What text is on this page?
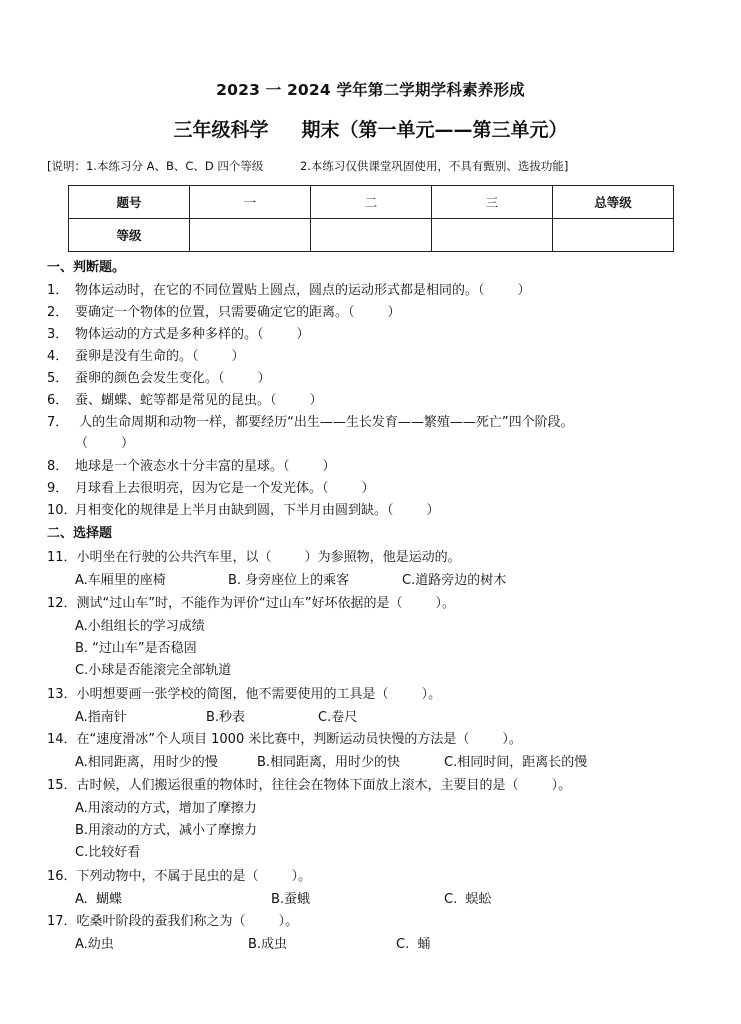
2023 一 2024 学年第二学期学科素养形成
三年级科学     期末（第一单元——第三单元）
[说明：1.本练习分 A、B、C、D 四个等级          2.本练习仅供课堂巩固使用，不具有甄别、选拔功能]
题号	一	二	三	总等级
等级				
一、判断题。
1． 物体运动时，在它的不同位置贴上圆点，圆点的运动形式都是相同的。（        ）
2． 要确定一个物体的位置，只需要确定它的距离。（        ）
3． 物体运动的方式是多种多样的。（        ）
4． 蚕卵是没有生命的。（        ）
5． 蚕卵的颜色会发生变化。（        ）
6． 蚕、蝴蝶、蛇等都是常见的昆虫。（        ）
7． 人的生命周期和动物一样，都要经历“出生——生长发育——繁殖——死亡”四个阶段。
（        ）
8． 地球是一个液态水十分丰富的星球。（        ）
9． 月球看上去很明亮，因为它是一个发光体。（        ）
10．月相变化的规律是上半月由缺到圆，下半月由圆到缺。（        ）
二、选择题
11．小明坐在行驶的公共汽车里，以（        ）为参照物，他是运动的。
A.车厢里的座椅	B. 身旁座位上的乘客	C.道路旁边的树木
12．测试“过山车”时，不能作为评价“过山车”好坏依据的是（        ）。
A.小组组长的学习成绩
B. “过山车”是否稳固
C.小球是否能滚完全部轨道
13．小明想要画一张学校的简图，他不需要使用的工具是（        ）。
A.指南针	B.秒表	C.卷尺
14．在“速度滑冰”个人项目 1000 米比赛中，判断运动员快慢的方法是（        ）。
A.相同距离，用时少的慢	B.相同距离，用时少的快	C.相同时间，距离长的慢
15．古时候，人们搬运很重的物体时，往往会在物体下面放上滚木，主要目的是（        ）。
A.用滚动的方式，增加了摩擦力
B.用滚动的方式，减小了摩擦力
C.比较好看
16．下列动物中，不属于昆虫的是（        ）。
A.  蝴蝶	B.蚕蛾	C.  蜈蚣
17．吃桑叶阶段的蚕我们称之为（        ）。
A.幼虫	B.成虫	C.  蛹
